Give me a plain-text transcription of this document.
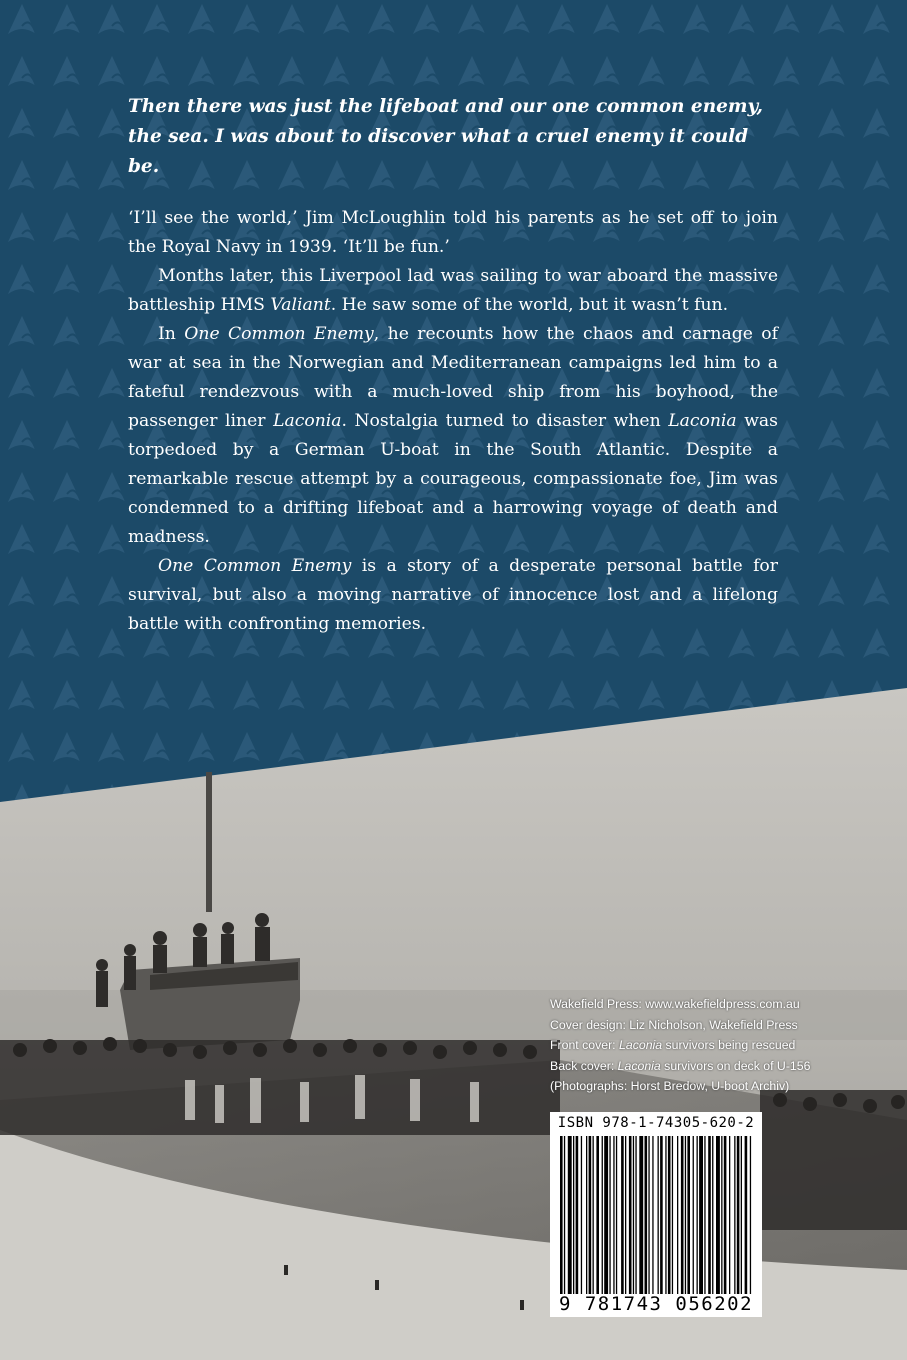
Then there was just the lifeboat and our one common enemy,
the sea. I was about to discover what a cruel enemy it could be.

‘I’ll see the world,’ Jim McLoughlin told his parents as he set off to join the Royal Navy in 1939. ‘It’ll be fun.’

Months later, this Liverpool lad was sailing to war aboard the massive battleship HMS Valiant. He saw some of the world, but it wasn’t fun.

In One Common Enemy, he recounts how the chaos and carnage of war at sea in the Norwegian and Mediterranean campaigns led him to a fateful rendezvous with a much-loved ship from his boyhood, the passenger liner Laconia. Nostalgia turned to disaster when Laconia was torpedoed by a German U-boat in the South Atlantic. Despite a remarkable rescue attempt by a courageous, compassionate foe, Jim was condemned to a drifting lifeboat and a harrowing voyage of death and madness.

One Common Enemy is a story of a desperate personal battle for survival, but also a moving narrative of innocence lost and a lifelong battle with confronting memories.

Wakefield Press: www.wakefieldpress.com.au
Cover design: Liz Nicholson, Wakefield Press
Front cover: Laconia survivors being rescued
Back cover: Laconia survivors on deck of U-156
(Photographs: Horst Bredow, U-boot Archiv)
ISBN 978-1-74305-620-2
9 781743 056202
